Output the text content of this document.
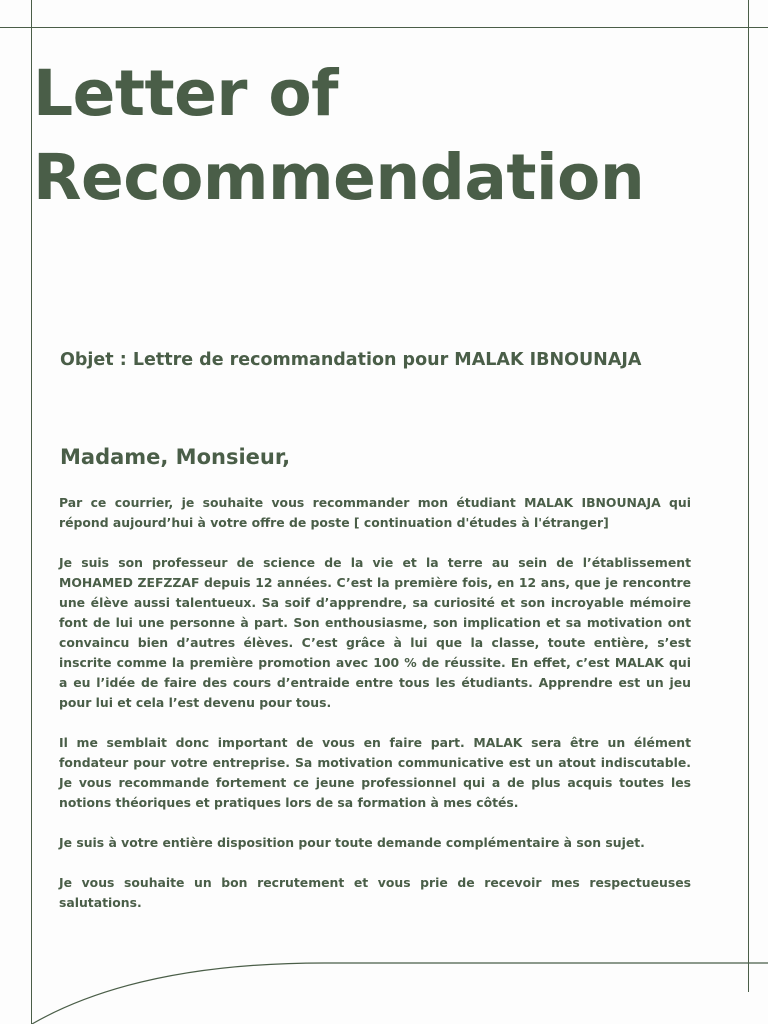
Letter of
Recommendation
Objet : Lettre de recommandation pour MALAK IBNOUNAJA
Madame, Monsieur,

Par ce courrier, je souhaite vous recommander mon étudiant MALAK IBNOUNAJA qui répond aujourd’hui à votre offre de poste [ continuation d'études à l'étranger]

Je suis son professeur de science de la vie et la terre au sein de l’établissement MOHAMED ZEFZZAF depuis 12 années. C’est la première fois, en 12 ans, que je rencontre une élève aussi talentueux. Sa soif d’apprendre, sa curiosité et son incroyable mémoire font de lui une personne à part. Son enthousiasme, son implication et sa motivation ont convaincu bien d’autres élèves. C’est grâce à lui que la classe, toute entière, s’est inscrite comme la première promotion avec 100 % de réussite. En effet, c’est MALAK qui a eu l’idée de faire des cours d’entraide entre tous les étudiants. Apprendre est un jeu pour lui et cela l’est devenu pour tous.

Il me semblait donc important de vous en faire part. MALAK sera être un élément fondateur pour votre entreprise. Sa motivation communicative est un atout indiscutable. Je vous recommande fortement ce jeune professionnel qui a de plus acquis toutes les notions théoriques et pratiques lors de sa formation à mes côtés.

Je suis à votre entière disposition pour toute demande complémentaire à son sujet.

Je vous souhaite un bon recrutement et vous prie de recevoir mes respectueuses salutations.
